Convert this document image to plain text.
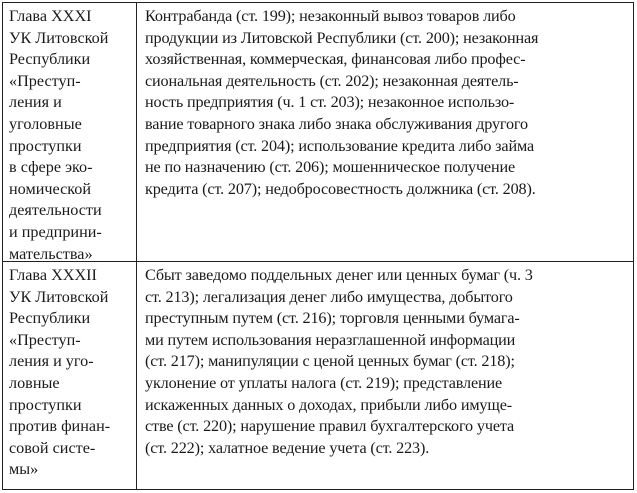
Глава XXXI
УК Литовской
Республики
«Преступ-
ления и
уголовные
проступки
в сфере эко-
номической
деятельности
и предприни-
мательства»
Контрабанда (ст. 199); незаконный вывоз товаров либо
продукции из Литовской Республики (ст. 200); незаконная
хозяйственная, коммерческая, финансовая либо профес-
сиональная деятельность (ст. 202); незаконная деятель-
ность предприятия (ч. 1 ст. 203); незаконное использо-
вание товарного знака либо знака обслуживания другого
предприятия (ст. 204); использование кредита либо займа
не по назначению (ст. 206); мошенническое получение
кредита (ст. 207); недобросовестность должника (ст. 208).
Глава XXXII
УК Литовской
Республики
«Преступ-
ления и уго-
ловные
проступки
против финан-
совой систе-
мы»
Сбыт заведомо поддельных денег или ценных бумаг (ч. 3
ст. 213); легализация денег либо имущества, добытого
преступным путем (ст. 216); торговля ценными бумага-
ми путем использования неразглашенной информации
(ст. 217); манипуляции с ценой ценных бумаг (ст. 218);
уклонение от уплаты налога (ст. 219); представление
искаженных данных о доходах, прибыли либо имуще-
стве (ст. 220); нарушение правил бухгалтерского учета
(ст. 222); халатное ведение учета (ст. 223).
